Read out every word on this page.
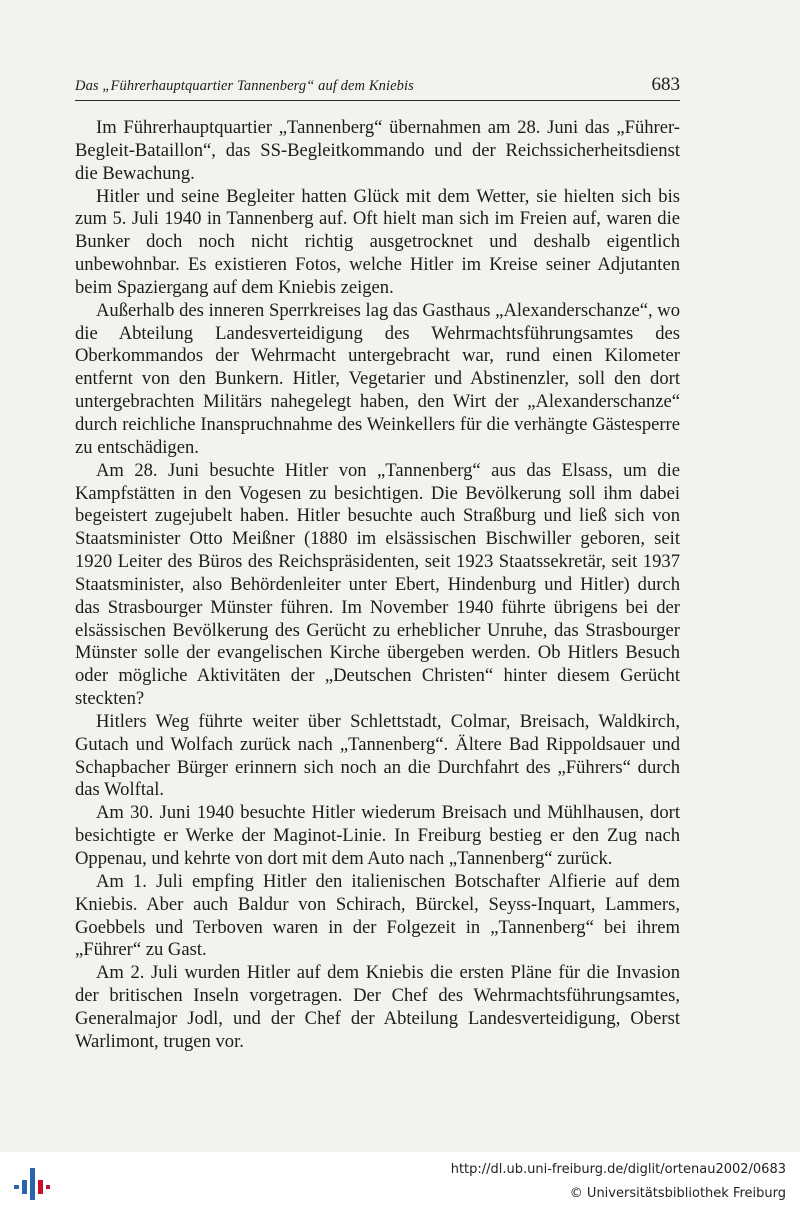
Das „Führerhauptquartier Tannenberg“ auf dem Kniebis	683

Im Führerhauptquartier „Tannenberg“ übernahmen am 28. Juni das „Führer-Begleit-Bataillon“, das SS-Begleitkommando und der Reichssicherheitsdienst die Bewachung.

Hitler und seine Begleiter hatten Glück mit dem Wetter, sie hielten sich bis zum 5. Juli 1940 in Tannenberg auf. Oft hielt man sich im Freien auf, waren die Bunker doch noch nicht richtig ausgetrocknet und deshalb eigentlich unbewohnbar. Es existieren Fotos, welche Hitler im Kreise seiner Adjutanten beim Spaziergang auf dem Kniebis zeigen.

Außerhalb des inneren Sperrkreises lag das Gasthaus „Alexanderschanze“, wo die Abteilung Landesverteidigung des Wehrmachtsführungsamtes des Oberkommandos der Wehrmacht untergebracht war, rund einen Kilometer entfernt von den Bunkern. Hitler, Vegetarier und Abstinenzler, soll den dort untergebrachten Militärs nahegelegt haben, den Wirt der „Alexanderschanze“ durch reichliche Inanspruchnahme des Weinkellers für die verhängte Gästesperre zu entschädigen.

Am 28. Juni besuchte Hitler von „Tannenberg“ aus das Elsass, um die Kampfstätten in den Vogesen zu besichtigen. Die Bevölkerung soll ihm dabei begeistert zugejubelt haben. Hitler besuchte auch Straßburg und ließ sich von Staatsminister Otto Meißner (1880 im elsässischen Bischwiller geboren, seit 1920 Leiter des Büros des Reichspräsidenten, seit 1923 Staatssekretär, seit 1937 Staatsminister, also Behördenleiter unter Ebert, Hindenburg und Hitler) durch das Strasbourger Münster führen. Im November 1940 führte übrigens bei der elsässischen Bevölkerung des Gerücht zu erheblicher Unruhe, das Strasbourger Münster solle der evangelischen Kirche übergeben werden. Ob Hitlers Besuch oder mögliche Aktivitäten der „Deutschen Christen“ hinter diesem Gerücht steckten?

Hitlers Weg führte weiter über Schlettstadt, Colmar, Breisach, Waldkirch, Gutach und Wolfach zurück nach „Tannenberg“. Ältere Bad Rippoldsauer und Schapbacher Bürger erinnern sich noch an die Durchfahrt des „Führers“ durch das Wolftal.

Am 30. Juni 1940 besuchte Hitler wiederum Breisach und Mühlhausen, dort besichtigte er Werke der Maginot-Linie. In Freiburg bestieg er den Zug nach Oppenau, und kehrte von dort mit dem Auto nach „Tannenberg“ zurück.

Am 1. Juli empfing Hitler den italienischen Botschafter Alfierie auf dem Kniebis. Aber auch Baldur von Schirach, Bürckel, Seyss-Inquart, Lammers, Goebbels und Terboven waren in der Folgezeit in „Tannenberg“ bei ihrem „Führer“ zu Gast.

Am 2. Juli wurden Hitler auf dem Kniebis die ersten Pläne für die Invasion der britischen Inseln vorgetragen. Der Chef des Wehrmachtsführungsamtes, Generalmajor Jodl, und der Chef der Abteilung Landesverteidigung, Oberst Warlimont, trugen vor.

http://dl.ub.uni-freiburg.de/diglit/ortenau2002/0683
© Universitätsbibliothek Freiburg
